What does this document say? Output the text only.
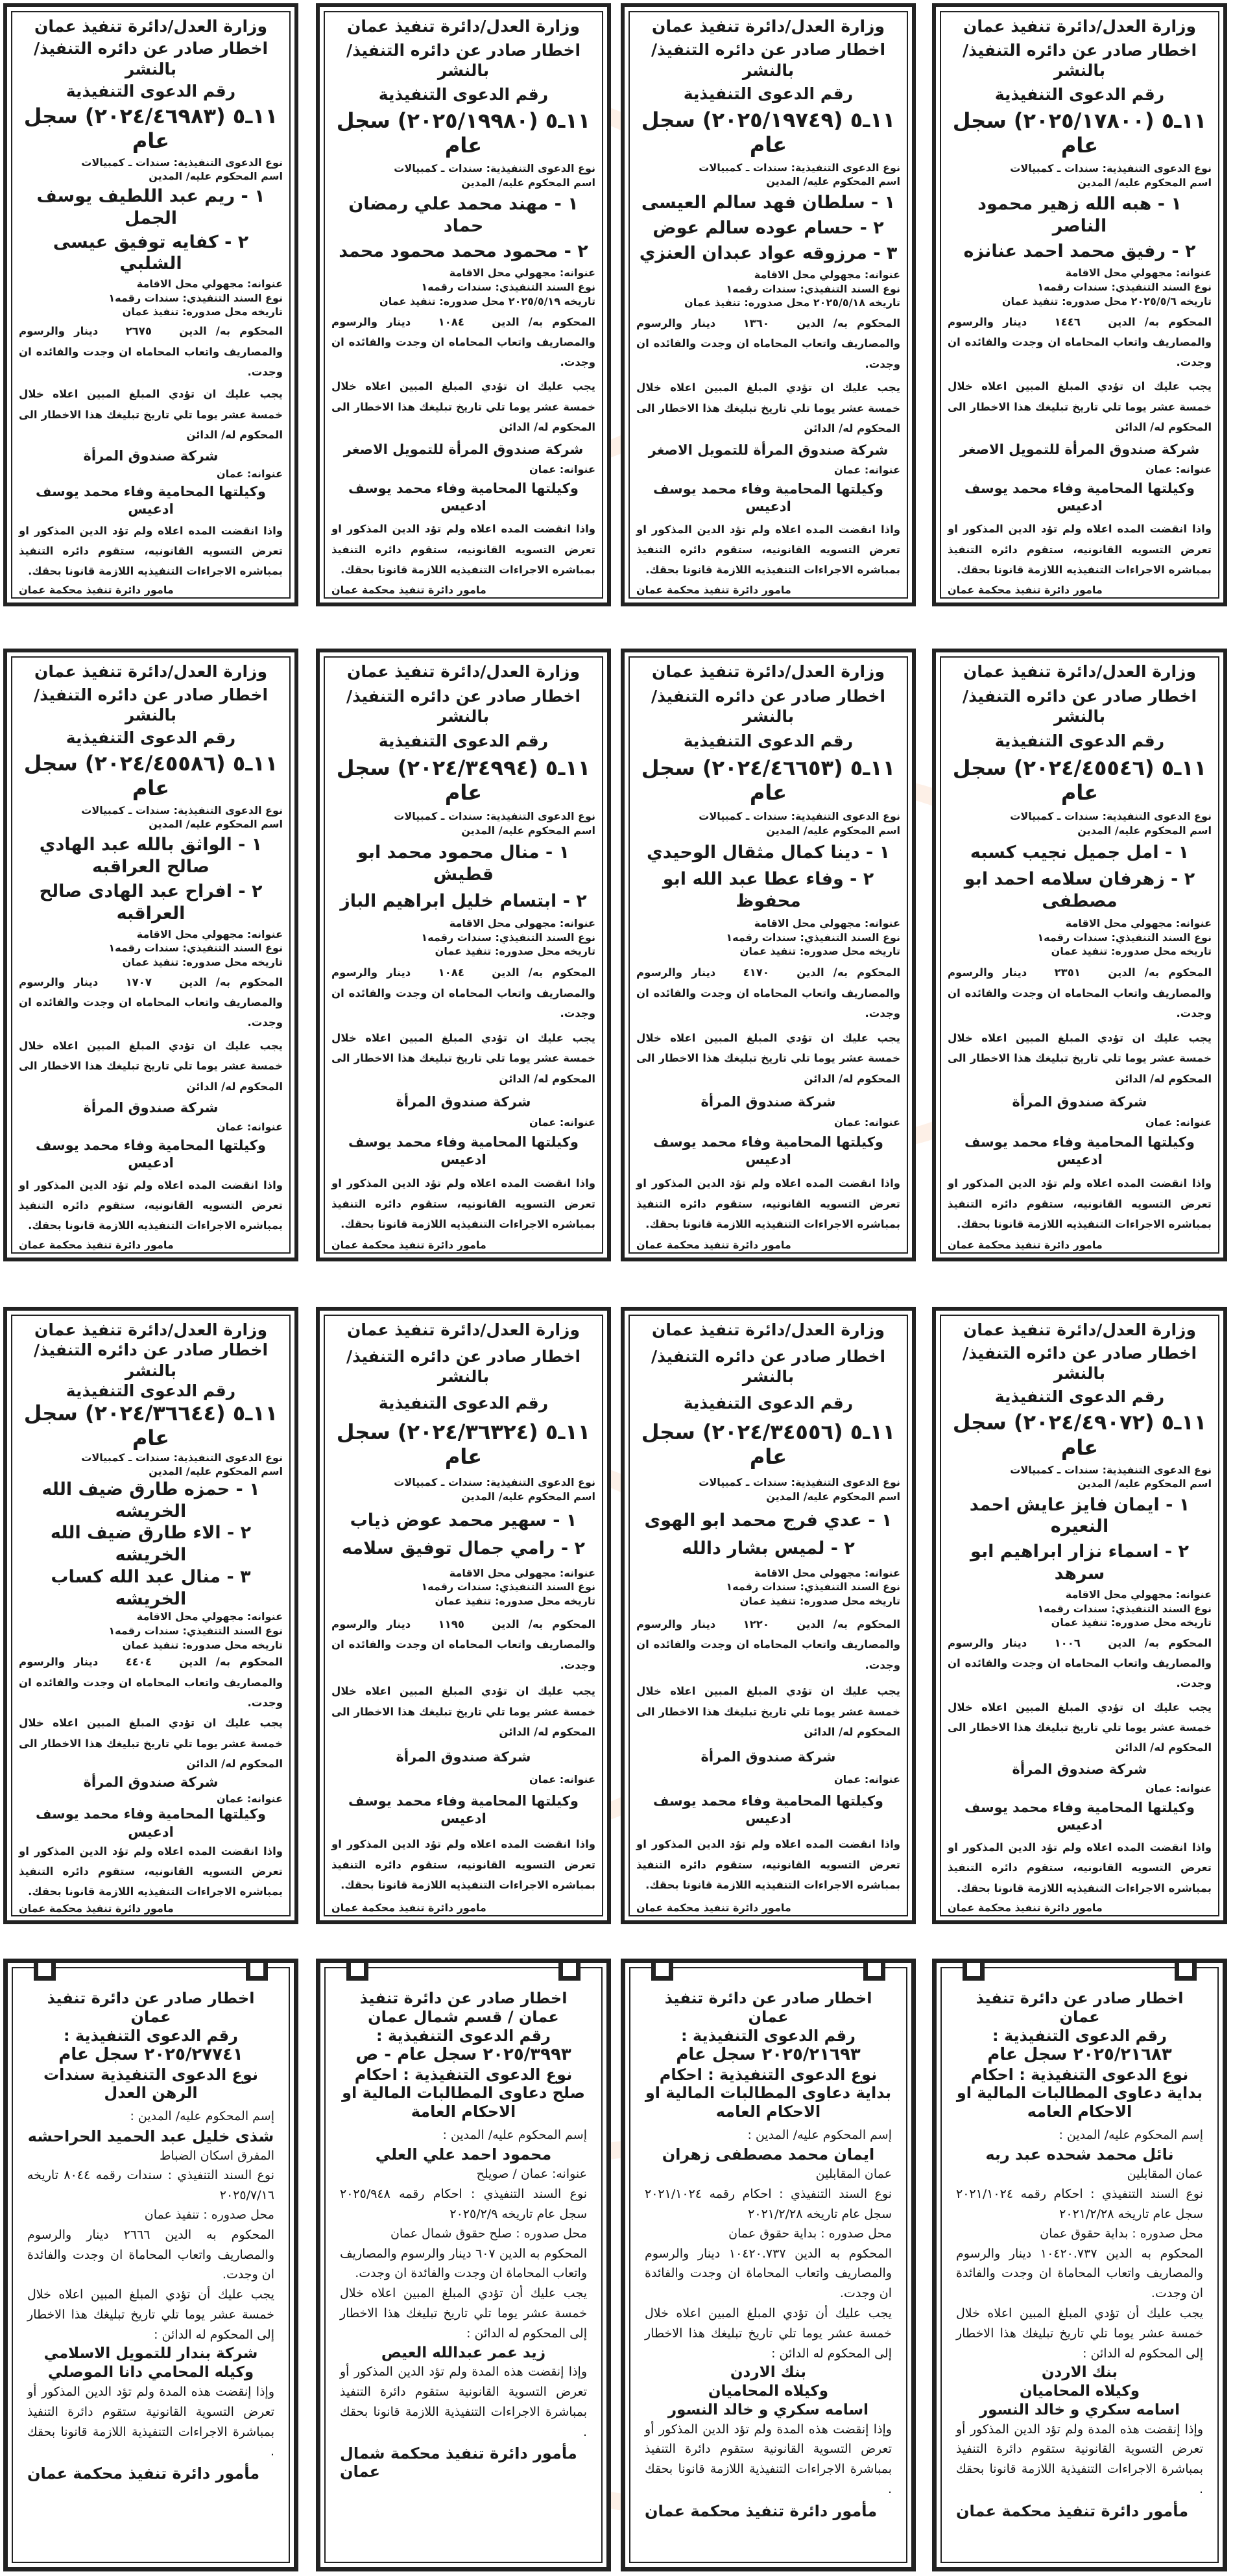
وزارة العدل/دائرة تنفيذ عمان
اخطار صادر عن دائره التنفيذ/ بالنشر
رقم الدعوى التنفيذية
١١ـ٥ (٢٠٢٥/١٧٨٠٠) سجل عام
نوع الدعوى التنفيذية: سندات ـ كمبيالات
اسم المحكوم عليه/ المدين
١ - هبه الله زهير محمود الناصر
٢ - رفيق محمد احمد عنانزه
عنوانه: مجهولي محل الاقامة
نوع السند التنفيذي: سندات رقمه١
تاريخه ٢٠٢٥/٥/٦ محل صدوره: تنفيذ عمان
المحكوم به/ الدين   ١٤٤٦   دينار والرسوم والمصاريف واتعاب المحاماه ان وجدت والفائده ان وجدت.
يجب عليك ان تؤدي المبلغ المبين اعلاه خلال خمسة عشر يوما تلي تاريخ تبليغك هذا الاخطار الى المحكوم له/ الدائن
شركة صندوق المرأة للتمويل الاصغر
عنوانه: عمان
وكيلتها المحامية وفاء محمد يوسف ادعيس
واذا انقضت المده اعلاه ولم تؤد الدين المذكور او تعرض التسويه القانونيه، ستقوم دائره التنفيذ بمباشره الاجراءات التنفيذيه اللازمة قانونا بحقك.
مامور دائرة تنفيذ محكمة عمان
وزارة العدل/دائرة تنفيذ عمان
اخطار صادر عن دائره التنفيذ/ بالنشر
رقم الدعوى التنفيذية
١١ـ٥ (٢٠٢٥/١٩٧٤٩) سجل عام
نوع الدعوى التنفيذية: سندات ـ كمبيالات
اسم المحكوم عليه/ المدين
١ - سلطان فهد سالم العيسى
٢ - حسام عوده سالم عوض
٣ - مرزوقه عواد عبدان العنزي
عنوانه: مجهولي محل الاقامة
نوع السند التنفيذي: سندات رقمه١
تاريخه ٢٠٢٥/٥/١٨ محل صدوره: تنفيذ عمان
المحكوم به/ الدين   ١٣٦٠   دينار والرسوم والمصاريف واتعاب المحاماه ان وجدت والفائده ان وجدت.
يجب عليك ان تؤدي المبلغ المبين اعلاه خلال خمسة عشر يوما تلي تاريخ تبليغك هذا الاخطار الى المحكوم له/ الدائن
شركة صندوق المرأة للتمويل الاصغر
عنوانه: عمان
وكيلتها المحامية وفاء محمد يوسف ادعيس
واذا انقضت المده اعلاه ولم تؤد الدين المذكور او تعرض التسويه القانونيه، ستقوم دائره التنفيذ بمباشره الاجراءات التنفيذيه اللازمة قانونا بحقك.
مامور دائرة تنفيذ محكمة عمان
وزارة العدل/دائرة تنفيذ عمان
اخطار صادر عن دائره التنفيذ/ بالنشر
رقم الدعوى التنفيذية
١١ـ٥ (٢٠٢٥/١٩٩٨٠) سجل عام
نوع الدعوى التنفيذية: سندات ـ كمبيالات
اسم المحكوم عليه/ المدين
١ - مهند محمد علي رمضان حماد
٢ - محمود محمد محمود محمد
عنوانه: مجهولي محل الاقامة
نوع السند التنفيذي: سندات رقمه١
تاريخه ٢٠٢٥/٥/١٩ محل صدوره: تنفيذ عمان
المحكوم به/ الدين   ١٠٨٤   دينار والرسوم والمصاريف واتعاب المحاماه ان وجدت والفائده ان وجدت.
يجب عليك ان تؤدي المبلغ المبين اعلاه خلال خمسة عشر يوما تلي تاريخ تبليغك هذا الاخطار الى المحكوم له/ الدائن
شركة صندوق المرأة للتمويل الاصغر
عنوانه: عمان
وكيلتها المحامية وفاء محمد يوسف ادعيس
واذا انقضت المده اعلاه ولم تؤد الدين المذكور او تعرض التسويه القانونيه، ستقوم دائره التنفيذ بمباشره الاجراءات التنفيذيه اللازمة قانونا بحقك.
مامور دائرة تنفيذ محكمة عمان
وزارة العدل/دائرة تنفيذ عمان
اخطار صادر عن دائره التنفيذ/ بالنشر
رقم الدعوى التنفيذية
١١ـ٥ (٢٠٢٤/٤٦٩٨٣) سجل عام
نوع الدعوى التنفيذية: سندات ـ كمبيالات
اسم المحكوم عليه/ المدين
١ - ريم عبد اللطيف يوسف الجمل
٢ - كفايه توفيق عيسى الشلبي
عنوانه: مجهولي محل الاقامة
نوع السند التنفيذي: سندات رقمه١
تاريخه محل صدوره: تنفيذ عمان
المحكوم به/ الدين   ٢٦٧٥   دينار والرسوم والمصاريف واتعاب المحاماه ان وجدت والفائده ان وجدت.
يجب عليك ان تؤدي المبلغ المبين اعلاه خلال خمسة عشر يوما تلي تاريخ تبليغك هذا الاخطار الى المحكوم له/ الدائن
شركة صندوق المرأة
عنوانه: عمان
وكيلتها المحامية وفاء محمد يوسف ادعيس
واذا انقضت المده اعلاه ولم تؤد الدين المذكور او تعرض التسويه القانونيه، ستقوم دائره التنفيذ بمباشره الاجراءات التنفيذيه اللازمة قانونا بحقك.
مامور دائرة تنفيذ محكمة عمان
وزارة العدل/دائرة تنفيذ عمان
اخطار صادر عن دائره التنفيذ/ بالنشر
رقم الدعوى التنفيذية
١١ـ٥ (٢٠٢٤/٤٥٥٤٦) سجل عام
نوع الدعوى التنفيذية: سندات ـ كمبيالات
اسم المحكوم عليه/ المدين
١ - امل جميل نجيب كسبه
٢ - زهرفان سلامه احمد ابو مصطفى
عنوانه: مجهولي محل الاقامة
نوع السند التنفيذي: سندات رقمه١
تاريخه محل صدوره: تنفيذ عمان
المحكوم به/ الدين   ٢٣٥١   دينار والرسوم والمصاريف واتعاب المحاماه ان وجدت والفائده ان وجدت.
يجب عليك ان تؤدي المبلغ المبين اعلاه خلال خمسة عشر يوما تلي تاريخ تبليغك هذا الاخطار الى المحكوم له/ الدائن
شركة صندوق المرأة
عنوانه: عمان
وكيلتها المحامية وفاء محمد يوسف ادعيس
واذا انقضت المده اعلاه ولم تؤد الدين المذكور او تعرض التسويه القانونيه، ستقوم دائره التنفيذ بمباشره الاجراءات التنفيذيه اللازمة قانونا بحقك.
مامور دائرة تنفيذ محكمة عمان
وزارة العدل/دائرة تنفيذ عمان
اخطار صادر عن دائره التنفيذ/ بالنشر
رقم الدعوى التنفيذية
١١ـ٥ (٢٠٢٤/٤٦٦٥٣) سجل عام
نوع الدعوى التنفيذية: سندات ـ كمبيالات
اسم المحكوم عليه/ المدين
١ - دينا كمال مثقال الوحيدي
٢ - وفاء عطا عبد الله ابو محفوظ
عنوانه: مجهولي محل الاقامة
نوع السند التنفيذي: سندات رقمه١
تاريخه محل صدوره: تنفيذ عمان
المحكوم به/ الدين   ٤١٧٠   دينار والرسوم والمصاريف واتعاب المحاماه ان وجدت والفائده ان وجدت.
يجب عليك ان تؤدي المبلغ المبين اعلاه خلال خمسة عشر يوما تلي تاريخ تبليغك هذا الاخطار الى المحكوم له/ الدائن
شركة صندوق المرأة
عنوانه: عمان
وكيلتها المحامية وفاء محمد يوسف ادعيس
واذا انقضت المده اعلاه ولم تؤد الدين المذكور او تعرض التسويه القانونيه، ستقوم دائره التنفيذ بمباشره الاجراءات التنفيذيه اللازمة قانونا بحقك.
مامور دائرة تنفيذ محكمة عمان
وزارة العدل/دائرة تنفيذ عمان
اخطار صادر عن دائره التنفيذ/ بالنشر
رقم الدعوى التنفيذية
١١ـ٥ (٢٠٢٤/٣٤٩٩٤) سجل عام
نوع الدعوى التنفيذية: سندات ـ كمبيالات
اسم المحكوم عليه/ المدين
١ - منال محمود محمد ابو قطيش
٢ - ابتسام خليل ابراهيم الباز
عنوانه: مجهولي محل الاقامة
نوع السند التنفيذي: سندات رقمه١
تاريخه محل صدوره: تنفيذ عمان
المحكوم به/ الدين   ١٠٨٤   دينار والرسوم والمصاريف واتعاب المحاماه ان وجدت والفائده ان وجدت.
يجب عليك ان تؤدي المبلغ المبين اعلاه خلال خمسة عشر يوما تلي تاريخ تبليغك هذا الاخطار الى المحكوم له/ الدائن
شركة صندوق المرأة
عنوانه: عمان
وكيلتها المحامية وفاء محمد يوسف ادعيس
واذا انقضت المده اعلاه ولم تؤد الدين المذكور او تعرض التسويه القانونيه، ستقوم دائره التنفيذ بمباشره الاجراءات التنفيذيه اللازمة قانونا بحقك.
مامور دائرة تنفيذ محكمة عمان
وزارة العدل/دائرة تنفيذ عمان
اخطار صادر عن دائره التنفيذ/ بالنشر
رقم الدعوى التنفيذية
١١ـ٥ (٢٠٢٤/٤٥٥٨٦) سجل عام
نوع الدعوى التنفيذية: سندات ـ كمبيالات
اسم المحكوم عليه/ المدين
١ - الواثق بالله عبد الهادي صالح العراقبه
٢ - افراح عبد الهادى صالح العراقبه
عنوانه: مجهولي محل الاقامة
نوع السند التنفيذي: سندات رقمه١
تاريخه محل صدوره: تنفيذ عمان
المحكوم به/ الدين   ١٧٠٧   دينار والرسوم والمصاريف واتعاب المحاماه ان وجدت والفائده ان وجدت.
يجب عليك ان تؤدي المبلغ المبين اعلاه خلال خمسة عشر يوما تلي تاريخ تبليغك هذا الاخطار الى المحكوم له/ الدائن
شركة صندوق المرأة
عنوانه: عمان
وكيلتها المحامية وفاء محمد يوسف ادعيس
واذا انقضت المده اعلاه ولم تؤد الدين المذكور او تعرض التسويه القانونيه، ستقوم دائره التنفيذ بمباشره الاجراءات التنفيذيه اللازمة قانونا بحقك.
مامور دائرة تنفيذ محكمة عمان
وزارة العدل/دائرة تنفيذ عمان
اخطار صادر عن دائره التنفيذ/ بالنشر
رقم الدعوى التنفيذية
١١ـ٥ (٢٠٢٤/٤٩٠٧٢) سجل عام
نوع الدعوى التنفيذية: سندات ـ كمبيالات
اسم المحكوم عليه/ المدين
١ - ايمان فايز عايش احمد النعيره
٢ - اسماء نزار ابراهيم ابو سرهد
عنوانه: مجهولي محل الاقامة
نوع السند التنفيذي: سندات رقمه١
تاريخه محل صدوره: تنفيذ عمان
المحكوم به/ الدين   ١٠٠٦   دينار والرسوم والمصاريف واتعاب المحاماه ان وجدت والفائده ان وجدت.
يجب عليك ان تؤدي المبلغ المبين اعلاه خلال خمسة عشر يوما تلي تاريخ تبليغك هذا الاخطار الى المحكوم له/ الدائن
شركة صندوق المرأة
عنوانه: عمان
وكيلتها المحامية وفاء محمد يوسف ادعيس
واذا انقضت المده اعلاه ولم تؤد الدين المذكور او تعرض التسويه القانونيه، ستقوم دائره التنفيذ بمباشره الاجراءات التنفيذيه اللازمة قانونا بحقك.
مامور دائرة تنفيذ محكمة عمان
وزارة العدل/دائرة تنفيذ عمان
اخطار صادر عن دائره التنفيذ/ بالنشر
رقم الدعوى التنفيذية
١١ـ٥ (٢٠٢٤/٣٤٥٥٦) سجل عام
نوع الدعوى التنفيذية: سندات ـ كمبيالات
اسم المحكوم عليه/ المدين
١ - عدي فرج محمد ابو الهوى
٢ - لميس بشار دالله
عنوانه: مجهولي محل الاقامة
نوع السند التنفيذي: سندات رقمه١
تاريخه محل صدوره: تنفيذ عمان
المحكوم به/ الدين   ١٢٢٠   دينار والرسوم والمصاريف واتعاب المحاماه ان وجدت والفائده ان وجدت.
يجب عليك ان تؤدي المبلغ المبين اعلاه خلال خمسة عشر يوما تلي تاريخ تبليغك هذا الاخطار الى المحكوم له/ الدائن
شركة صندوق المرأة
عنوانه: عمان
وكيلتها المحامية وفاء محمد يوسف ادعيس
واذا انقضت المده اعلاه ولم تؤد الدين المذكور او تعرض التسويه القانونيه، ستقوم دائره التنفيذ بمباشره الاجراءات التنفيذيه اللازمة قانونا بحقك.
مامور دائرة تنفيذ محكمة عمان
وزارة العدل/دائرة تنفيذ عمان
اخطار صادر عن دائره التنفيذ/ بالنشر
رقم الدعوى التنفيذية
١١ـ٥ (٢٠٢٤/٣٦٣٢٤) سجل عام
نوع الدعوى التنفيذية: سندات ـ كمبيالات
اسم المحكوم عليه/ المدين
١ - سهير محمد عوض ذياب
٢ - رامي جمال توفيق سلامه
عنوانه: مجهولي محل الاقامة
نوع السند التنفيذي: سندات رقمه١
تاريخه محل صدوره: تنفيذ عمان
المحكوم به/ الدين   ١١٩٥   دينار والرسوم والمصاريف واتعاب المحاماه ان وجدت والفائده ان وجدت.
يجب عليك ان تؤدي المبلغ المبين اعلاه خلال خمسة عشر يوما تلي تاريخ تبليغك هذا الاخطار الى المحكوم له/ الدائن
شركة صندوق المرأة
عنوانه: عمان
وكيلتها المحامية وفاء محمد يوسف ادعيس
واذا انقضت المده اعلاه ولم تؤد الدين المذكور او تعرض التسويه القانونيه، ستقوم دائره التنفيذ بمباشره الاجراءات التنفيذيه اللازمة قانونا بحقك.
مامور دائرة تنفيذ محكمة عمان
وزارة العدل/دائرة تنفيذ عمان
اخطار صادر عن دائره التنفيذ/ بالنشر
رقم الدعوى التنفيذية
١١ـ٥ (٢٠٢٤/٣٦٦٤٤) سجل عام
نوع الدعوى التنفيذية: سندات ـ كمبيالات
اسم المحكوم عليه/ المدين
١ - حمزه طارق ضيف الله الخريشه
٢ - الاء طارق ضيف الله الخريشه
٣ - منال عبد الله كساب الخريشه
عنوانه: مجهولي محل الاقامة
نوع السند التنفيذي: سندات رقمه١
تاريخه محل صدوره: تنفيذ عمان
المحكوم به/ الدين   ٤٤٠٤   دينار والرسوم والمصاريف واتعاب المحاماه ان وجدت والفائده ان وجدت.
يجب عليك ان تؤدي المبلغ المبين اعلاه خلال خمسة عشر يوما تلي تاريخ تبليغك هذا الاخطار الى المحكوم له/ الدائن
شركة صندوق المرأة
عنوانه: عمان
وكيلتها المحامية وفاء محمد يوسف ادعيس
واذا انقضت المده اعلاه ولم تؤد الدين المذكور او تعرض التسويه القانونيه، ستقوم دائره التنفيذ بمباشره الاجراءات التنفيذيه اللازمة قانونا بحقك.
مامور دائرة تنفيذ محكمة عمان
اخطار صادر عن دائرة تنفيذ عمان
رقم الدعوى التنفيذية :
٢٠٢٥/٢١٦٨٣ سجل عام
نوع الدعوى التنفيذية : احكام بداية دعاوى المطالبات المالية او الاحكام العامه
إسم المحكوم عليه/ المدين :
نائل محمد شحده عبد ربه
عمان المقابلين
نوع السند التنفيذي : احكام رقمه ٢٠٢١/١٠٢٤ سجل عام تاريخه ٢٠٢١/٢/٢٨
محل صدوره : بداية حقوق عمان
المحكوم به الدين ١٠٤٢٠.٧٣٧ دينار والرسوم والمصاريف واتعاب المحاماة ان وجدت والفائدة ان وجدت.
يجب عليك أن تؤدي المبلغ المبين اعلاه خلال خمسة عشر يوما تلي تاريخ تبليغك هذا الاخطار إلى المحكوم له الدائن :
بنك الاردن
وكيلاه المحاميان
اسامه سكري و خالد النسور
وإذا إنقضت هذه المدة ولم تؤد الدين المذكور أو تعرض التسوية القانونية ستقوم دائرة التنفيذ بمباشرة الاجراءات التنفيذية اللازمة قانونا بحقك .
مأمور دائرة تنفيذ محكمة عمان
اخطار صادر عن دائرة تنفيذ عمان
رقم الدعوى التنفيذية :
٢٠٢٥/٢١٦٩٣ سجل عام
نوع الدعوى التنفيذية : احكام بداية دعاوى المطالبات المالية او الاحكام العامه
إسم المحكوم عليه/ المدين :
ايمان محمد مصطفى زهران
عمان المقابلين
نوع السند التنفيذي : احكام رقمه ٢٠٢١/١٠٢٤ سجل عام تاريخه ٢٠٢١/٢/٢٨
محل صدوره : بداية حقوق عمان
المحكوم به الدين ١٠٤٢٠.٧٣٧ دينار والرسوم والمصاريف واتعاب المحاماة ان وجدت والفائدة ان وجدت.
يجب عليك أن تؤدي المبلغ المبين اعلاه خلال خمسة عشر يوما تلي تاريخ تبليغك هذا الاخطار إلى المحكوم له الدائن :
بنك الاردن
وكيلاه المحاميان
اسامه سكري و خالد النسور
وإذا إنقضت هذه المدة ولم تؤد الدين المذكور أو تعرض التسوية القانونية ستقوم دائرة التنفيذ بمباشرة الاجراءات التنفيذية اللازمة قانونا بحقك .
مأمور دائرة تنفيذ محكمة عمان
اخطار صادر عن دائرة تنفيذ عمان / قسم شمال عمان
رقم الدعوى التنفيذية :
٢٠٢٥/٣٩٩٣ سجل عام - ص
نوع الدعوى التنفيذية : احكام صلح دعاوى المطالبات المالية او الاحكام العامة
إسم المحكوم عليه/ المدين :
محمود احمد علي العلي
عنوانه: عمان / صويلح
نوع السند التنفيذي : احكام رقمه ٢٠٢٥/٩٤٨ سجل عام تاريخه ٢٠٢٥/٢/٩
محل صدوره : صلح حقوق شمال عمان
المحكوم به الدين ٦٠٧ دينار والرسوم والمصاريف واتعاب المحاماة ان وجدت والفائدة ان وجدت.
يجب عليك أن تؤدي المبلغ المبين اعلاه خلال خمسة عشر يوما تلي تاريخ تبليغك هذا الاخطار إلى المحكوم له الدائن :
زيد عمر عبدالله العيص
وإذا إنقضت هذه المدة ولم تؤد الدين المذكور أو تعرض التسوية القانونية ستقوم دائرة التنفيذ بمباشرة الاجراءات التنفيذية اللازمة قانونا بحقك .
مأمور دائرة تنفيذ محكمة شمال عمان
اخطار صادر عن دائرة تنفيذ عمان
رقم الدعوى التنفيذية :
٢٠٢٥/٢٧٧٤١ سجل عام
نوع الدعوى التنفيذية سندات الرهن العدل
إسم المحكوم عليه/ المدين :
شذى خليل عبد الحميد الحراحشه
المفرق اسكان الضباط
نوع السند التنفيذي : سندات رقمه ٨٠٤٤ تاريخه ٢٠٢٥/٧/١٦
محل صدوره : تنفيذ عمان
المحكوم به الدين ٢٦٦٦ دينار والرسوم والمصاريف واتعاب المحاماة ان وجدت والفائدة ان وجدت.
يجب عليك أن تؤدي المبلغ المبين اعلاه خلال خمسة عشر يوما تلي تاريخ تبليغك هذا الاخطار إلى المحكوم له الدائن :
شركة بندار للتمويل الاسلامي
وكيله المحامي دانا الموصلي
وإذا إنقضت هذه المدة ولم تؤد الدين المذكور أو تعرض التسوية القانونية ستقوم دائرة التنفيذ بمباشرة الاجراءات التنفيذية اللازمة قانونا بحقك .
مأمور دائرة تنفيذ محكمة عمان
